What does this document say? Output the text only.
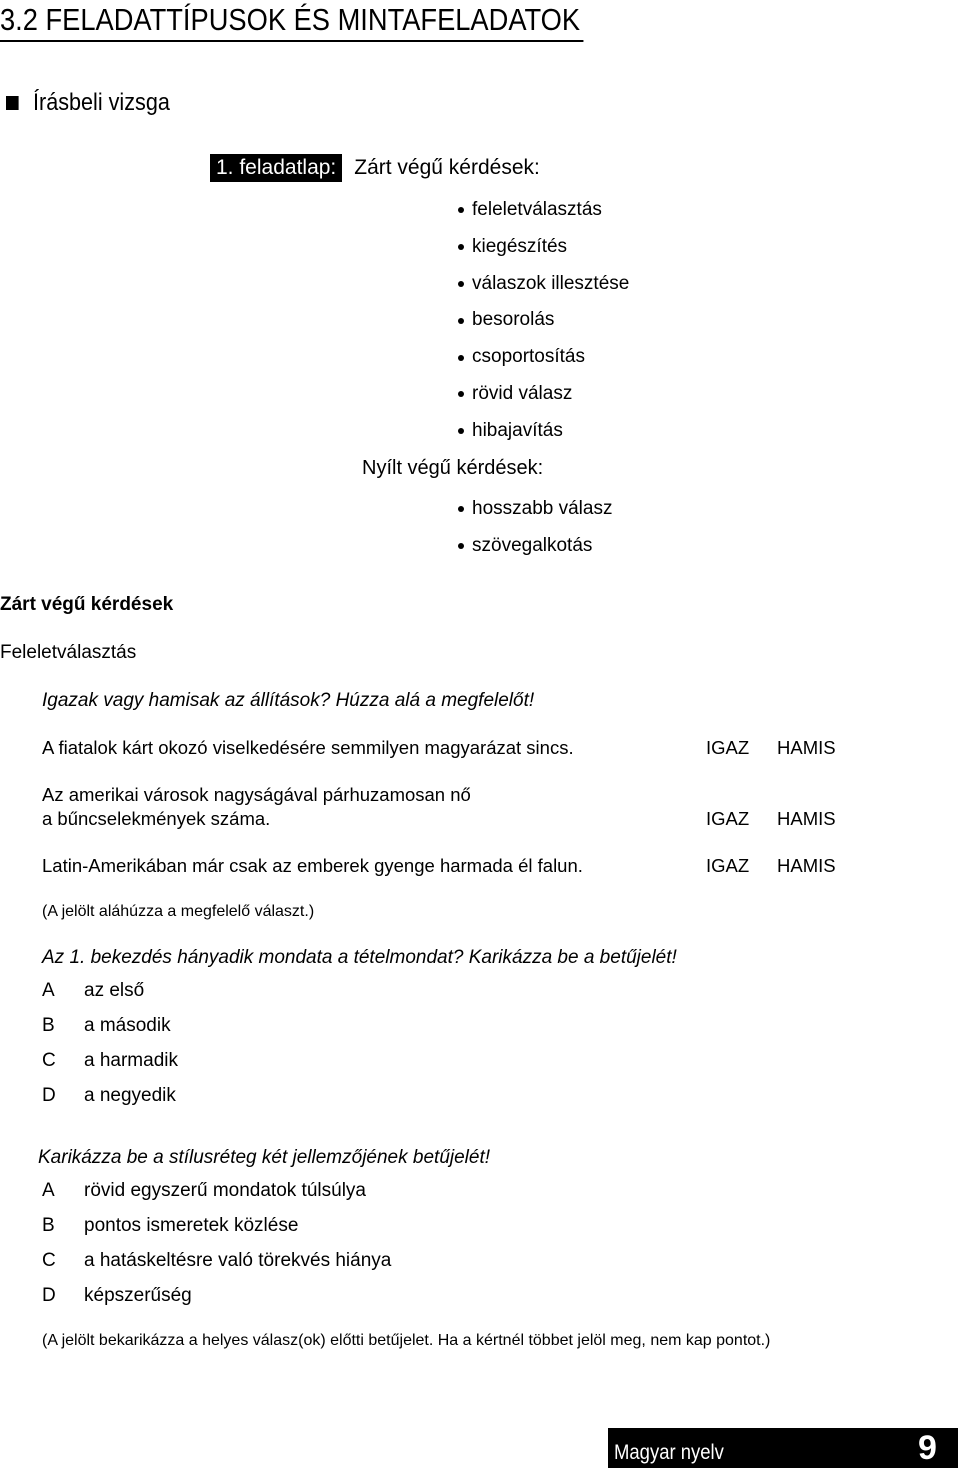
3.2 FELADATTÍPUSOK ÉS MINTAFELADATOK
Írásbeli vizsga
1. feladatlap: Zárt végű kérdések:
feleletválasztás
kiegészítés
válaszok illesztése
besorolás
csoportosítás
rövid válasz
hibajavítás
Nyílt végű kérdések:
hosszabb válasz
szövegalkotás
Zárt végű kérdések
Feleletválasztás
Igazak vagy hamisak az állítások? Húzza alá a megfelelőt!
A fiatalok kárt okozó viselkedésére semmilyen magyarázat sincs.	IGAZ HAMIS
Az amerikai városok nagyságával párhuzamosan nő
a bűncselekmények száma.	IGAZ HAMIS
Latin-Amerikában már csak az emberek gyenge harmada él falun.	IGAZ HAMIS
(A jelölt aláhúzza a megfelelő választ.)
Az 1. bekezdés hányadik mondata a tételmondat? Karikázza be a betűjelét!
A az első
B a második
C a harmadik
D a negyedik
Karikázza be a stílusréteg két jellemzőjének betűjelét!
A rövid egyszerű mondatok túlsúlya
B pontos ismeretek közlése
C a hatáskeltésre való törekvés hiánya
D képszerűség
(A jelölt bekarikázza a helyes válasz(ok) előtti betűjelet. Ha a kértnél többet jelöl meg, nem kap pontot.)
Magyar nyelv	9
